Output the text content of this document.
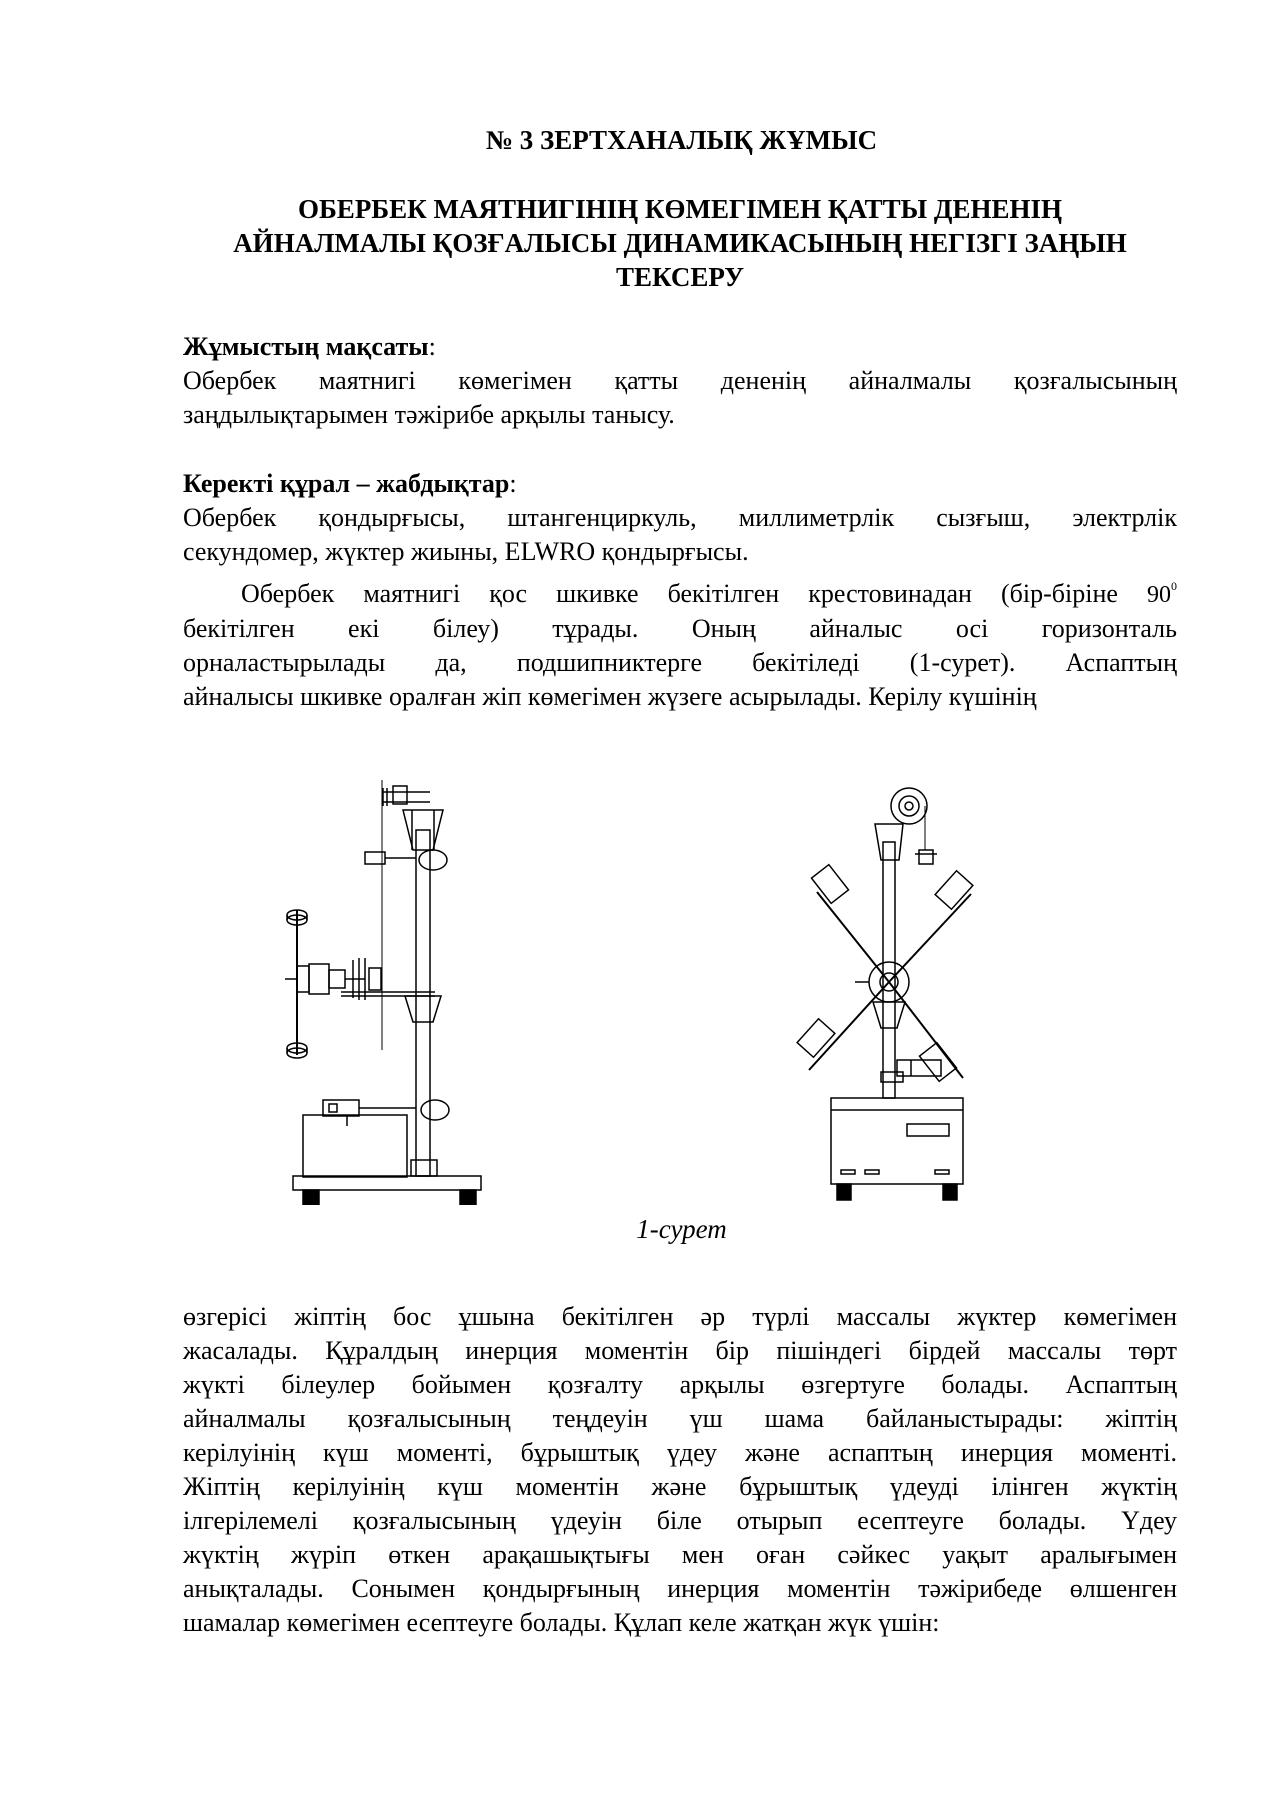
№ 3 ЗЕРТХАНАЛЫҚ ЖҰМЫС
ОБЕРБЕК МАЯТНИГІНІҢ КӨМЕГІМЕН ҚАТТЫ ДЕНЕНІҢ
АЙНАЛМАЛЫ ҚОЗҒАЛЫСЫ ДИНАМИКАСЫНЫҢ НЕГІЗГІ ЗАҢЫН
ТЕКСЕРУ
Жұмыстың мақсаты:
Обербек маятнигі көмегімен қатты дененің айналмалы қозғалысының
заңдылықтарымен тәжірибе арқылы танысу.
Керекті құрал – жабдықтар:
Обербек қондырғысы, штангенциркуль, миллиметрлік сызғыш, электрлік
секундомер, жүктер жиыны, ELWRO қондырғысы.
Обербек маятнигі қос шкивке бекітілген крестовинадан (бір-біріне $90^0$
бекітілген екі білеу) тұрады. Оның айналыс осі горизонталь
орналастырылады да, подшипниктерге бекітіледі (1-сурет). Аспаптың
айналысы шкивке оралған жіп көмегімен жүзеге асырылады. Керілу күшінің
1-сурет
өзгерісі жіптің бос ұшына бекітілген әр түрлі массалы жүктер көмегімен
жасалады. Құралдың инерция моментін бір пішіндегі бірдей массалы төрт
жүкті білеулер бойымен қозғалту арқылы өзгертуге болады. Аспаптың
айналмалы қозғалысының теңдеуін үш шама байланыстырады: жіптің
керілуінің күш моменті, бұрыштық үдеу және аспаптың инерция моменті.
Жіптің керілуінің күш моментін және бұрыштық үдеуді ілінген жүктің
ілгерілемелі қозғалысының үдеуін біле отырып есептеуге болады. Үдеу
жүктің жүріп өткен арақашықтығы мен оған сәйкес уақыт аралығымен
анықталады. Сонымен қондырғының инерция моментін тәжірибеде өлшенген
шамалар көмегімен есептеуге болады. Құлап келе жатқан жүк үшін:
